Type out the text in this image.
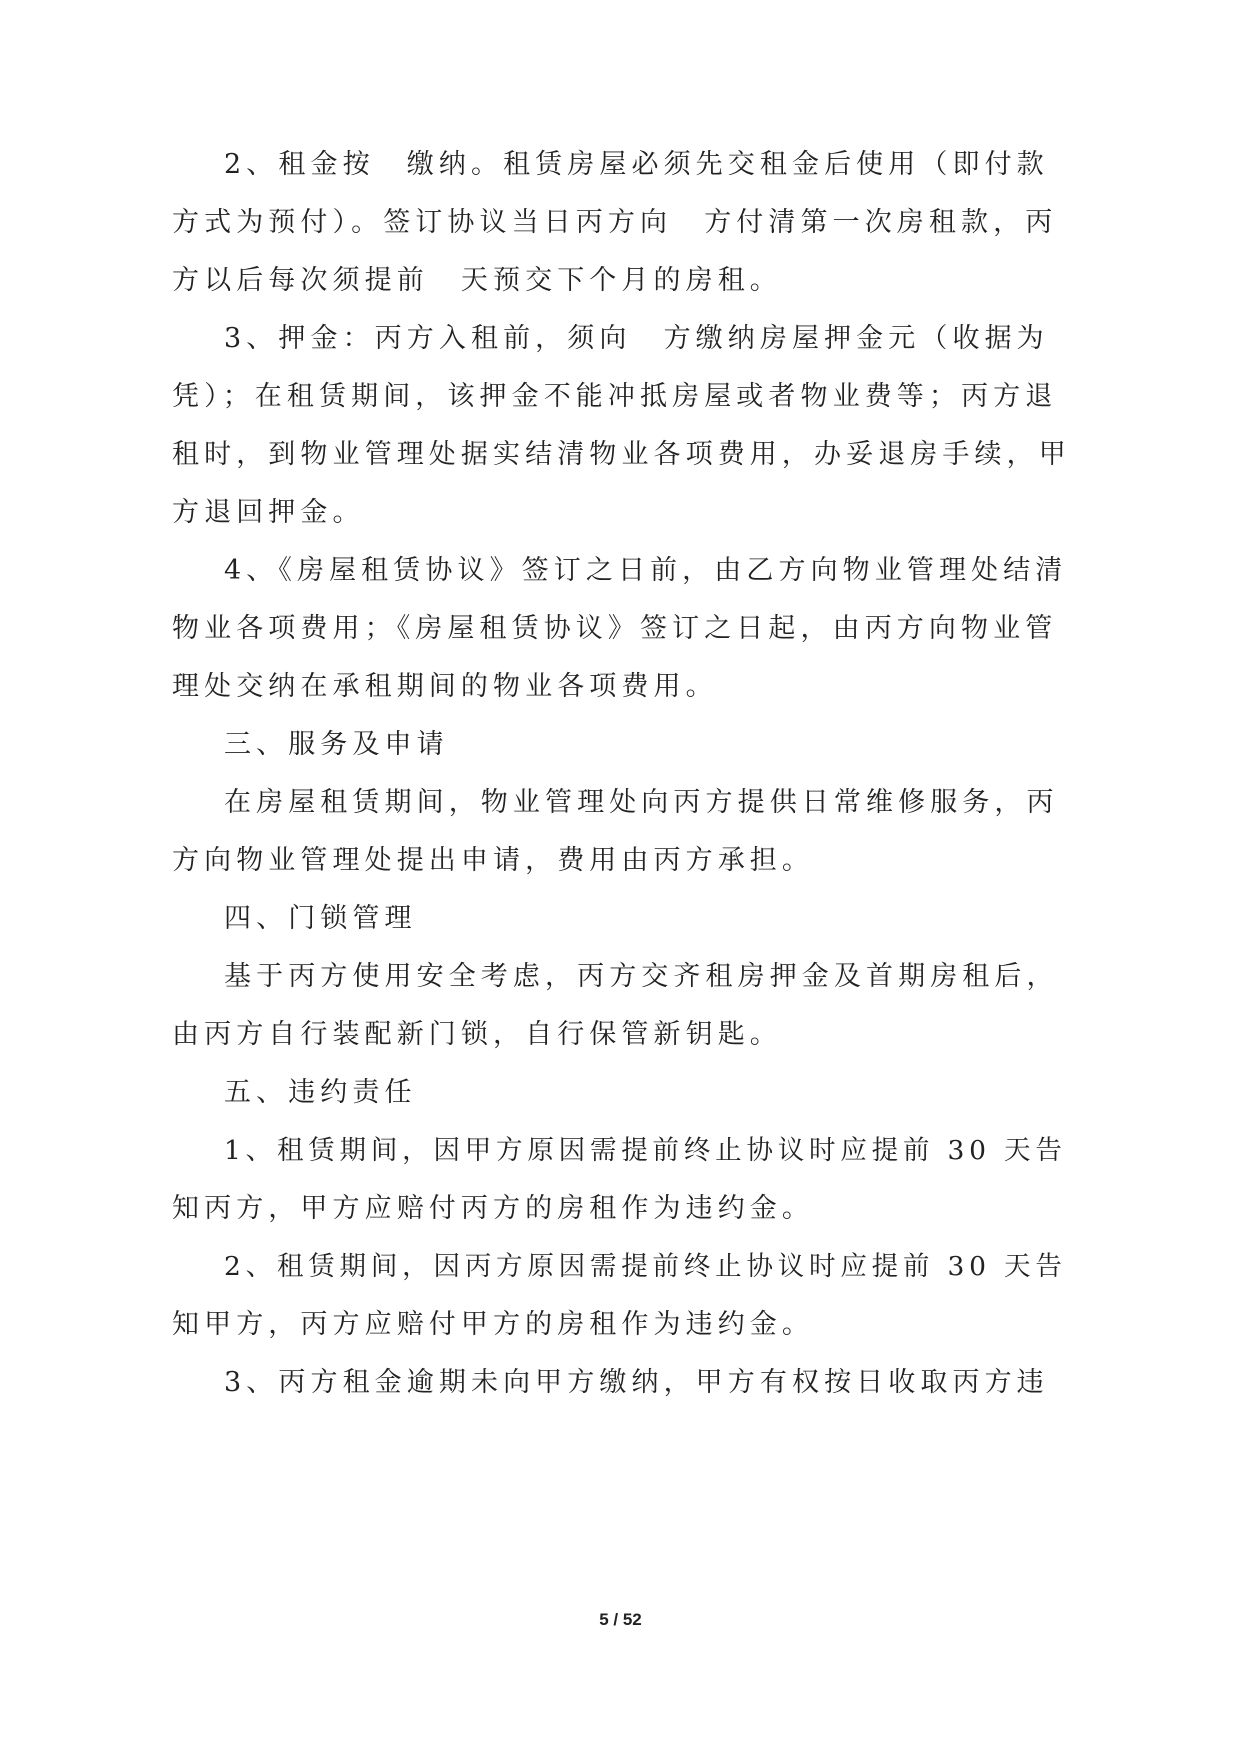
2、租金按　缴纳。租赁房屋必须先交租金后使用（即付款
方式为预付）。签订协议当日丙方向　方付清第一次房租款，丙
方以后每次须提前　天预交下个月的房租。
3、押金：丙方入租前，须向　方缴纳房屋押金元（收据为
凭）；在租赁期间，该押金不能冲抵房屋或者物业费等；丙方退
租时，到物业管理处据实结清物业各项费用，办妥退房手续，甲
方退回押金。
4、《房屋租赁协议》签订之日前，由乙方向物业管理处结清
物业各项费用；《房屋租赁协议》签订之日起，由丙方向物业管
理处交纳在承租期间的物业各项费用。
三、服务及申请
在房屋租赁期间，物业管理处向丙方提供日常维修服务，丙
方向物业管理处提出申请，费用由丙方承担。
四、门锁管理
基于丙方使用安全考虑，丙方交齐租房押金及首期房租后，
由丙方自行装配新门锁，自行保管新钥匙。
五、违约责任
1、租赁期间，因甲方原因需提前终止协议时应提前 30 天告
知丙方，甲方应赔付丙方的房租作为违约金。
2、租赁期间，因丙方原因需提前终止协议时应提前 30 天告
知甲方，丙方应赔付甲方的房租作为违约金。
3、丙方租金逾期未向甲方缴纳，甲方有权按日收取丙方违
5 / 52
